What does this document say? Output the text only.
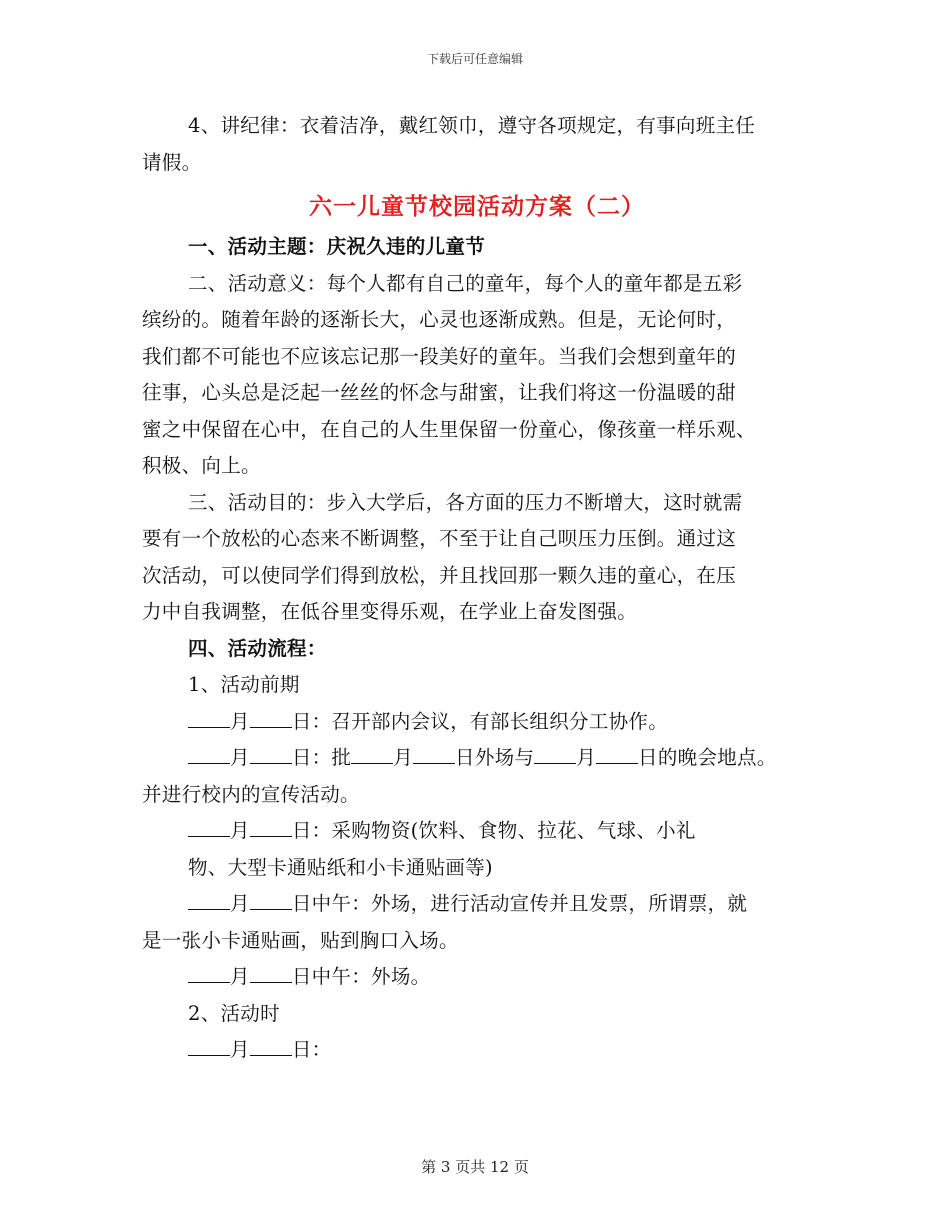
下载后可任意编辑
4、讲纪律：衣着洁净，戴红领巾，遵守各项规定，有事向班主任
请假。
六一儿童节校园活动方案（二）
一、活动主题：庆祝久违的儿童节
二、活动意义：每个人都有自己的童年，每个人的童年都是五彩
缤纷的。随着年龄的逐渐长大，心灵也逐渐成熟。但是，无论何时，
我们都不可能也不应该忘记那一段美好的童年。当我们会想到童年的
往事，心头总是泛起一丝丝的怀念与甜蜜，让我们将这一份温暖的甜
蜜之中保留在心中，在自己的人生里保留一份童心，像孩童一样乐观、
积极、向上。
三、活动目的：步入大学后，各方面的压力不断增大，这时就需
要有一个放松的心态来不断调整，不至于让自己呗压力压倒。通过这
次活动，可以使同学们得到放松，并且找回那一颗久违的童心，在压
力中自我调整，在低谷里变得乐观，在学业上奋发图强。
四、活动流程：
1、活动前期
月 日：召开部内会议，有部长组织分工协作。
月 日：批 月 日外场与 月 日的晚会地点。
并进行校内的宣传活动。
月 日：采购物资(饮料、食物、拉花、气球、小礼
物、大型卡通贴纸和小卡通贴画等)
月 日中午：外场，进行活动宣传并且发票，所谓票，就
是一张小卡通贴画，贴到胸口入场。
月 日中午：外场。
2、活动时
月 日：
第 3 页共 12 页
